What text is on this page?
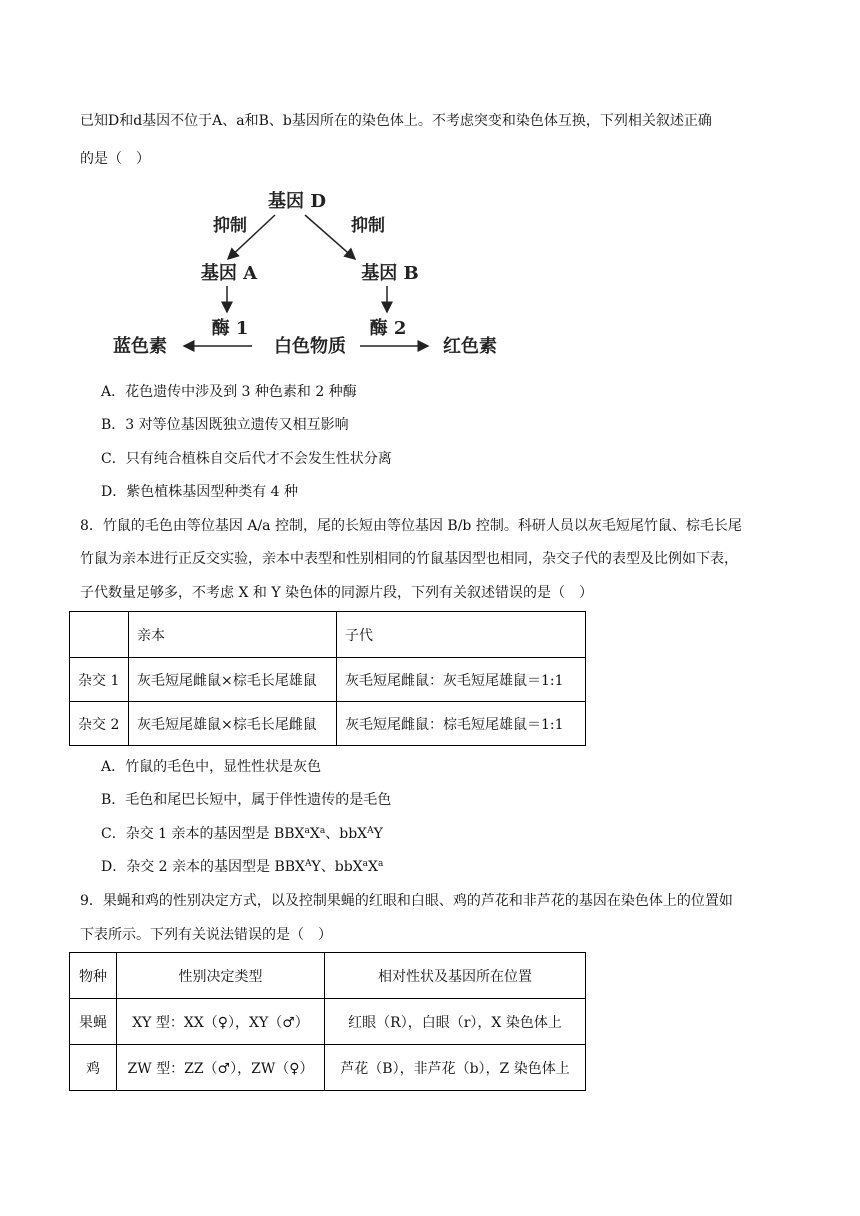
已知D和d基因不位于A、a和B、b基因所在的染色体上。不考虑突变和染色体互换，下列相关叙述正确
的是（　）
基因 D
抑制	抑制
基因 A	基因 B
酶 1	酶 2
蓝色素	白色物质	红色素
A．花色遗传中涉及到 3 种色素和 2 种酶
B．3 对等位基因既独立遗传又相互影响
C．只有纯合植株自交后代才不会发生性状分离
D．紫色植株基因型种类有 4 种
8．竹鼠的毛色由等位基因 A/a 控制，尾的长短由等位基因 B/b 控制。科研人员以灰毛短尾竹鼠、棕毛长尾
竹鼠为亲本进行正反交实验，亲本中表型和性别相同的竹鼠基因型也相同，杂交子代的表型及比例如下表，
子代数量足够多，不考虑 X 和 Y 染色体的同源片段，下列有关叙述错误的是（　）
	亲本	子代
杂交 1	灰毛短尾雌鼠×棕毛长尾雄鼠	灰毛短尾雌鼠：灰毛短尾雄鼠＝1:1
杂交 2	灰毛短尾雄鼠×棕毛长尾雌鼠	灰毛短尾雌鼠：棕毛短尾雄鼠＝1:1
A．竹鼠的毛色中，显性性状是灰色
B．毛色和尾巴长短中，属于伴性遗传的是毛色
C．杂交 1 亲本的基因型是 $BBX^aX^a$、bbX$^A$Y
D．杂交 2 亲本的基因型是 $BBX^AY$、$bbX^aX^a$
9．果蝇和鸡的性别决定方式，以及控制果蝇的红眼和白眼、鸡的芦花和非芦花的基因在染色体上的位置如
下表所示。下列有关说法错误的是（　）
物种	性别决定类型	相对性状及基因所在位置
果蝇	XY 型：XX（♀），XY（♂）	红眼（R），白眼（r），X 染色体上
鸡	ZW 型：ZZ（♂），ZW（♀）	芦花（B），非芦花（b），Z 染色体上
